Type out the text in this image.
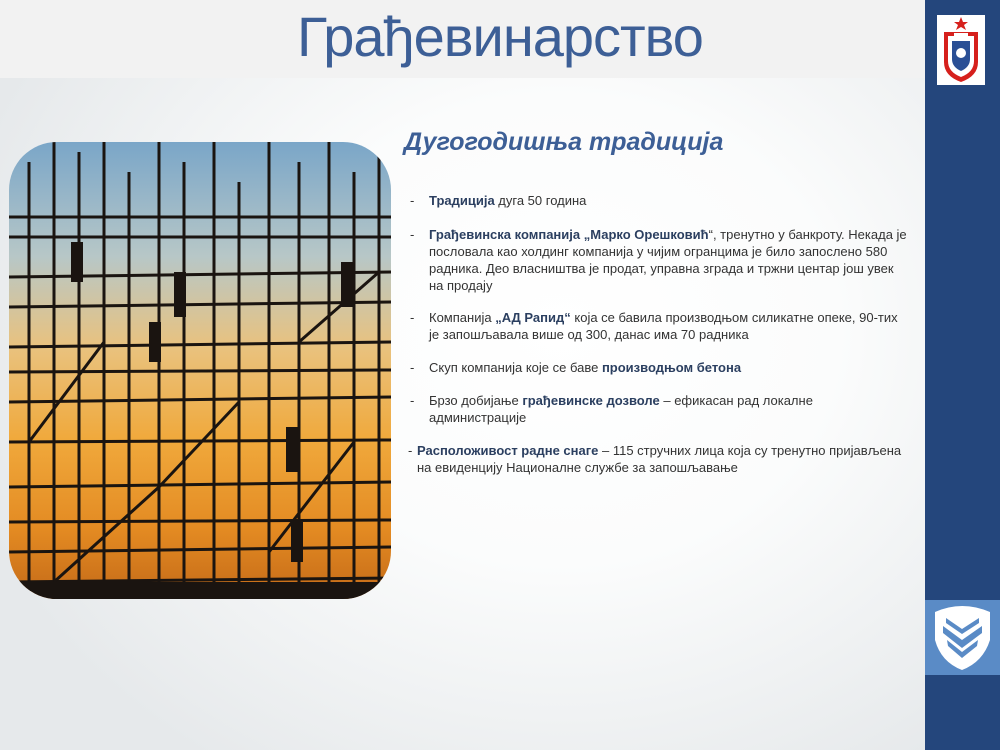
Грађевинарство
Дугогодишња традиција
- Традиција дуга 50 година
- Грађевинска компанија „Марко Орешковић“, тренутно у банкроту. Некада је пословала као холдинг компанија у чијим огранцима је било запослено 580 радника. Део власништва је продат, управна зграда и тржни центар још увек на продају
- Компанија „АД Рапид“ која се бавила производњом силикатне опеке, 90-тих је запошљавала више од 300, данас има 70 радника
- Скуп компанија које се баве производњом бетона
- Брзо добијање грађевинске дозволе – ефикасан рад локалне администрације
- Расположивост радне снаге – 115 стручних лица која су тренутно пријављена на евиденцију Националне службе за запошљавање
